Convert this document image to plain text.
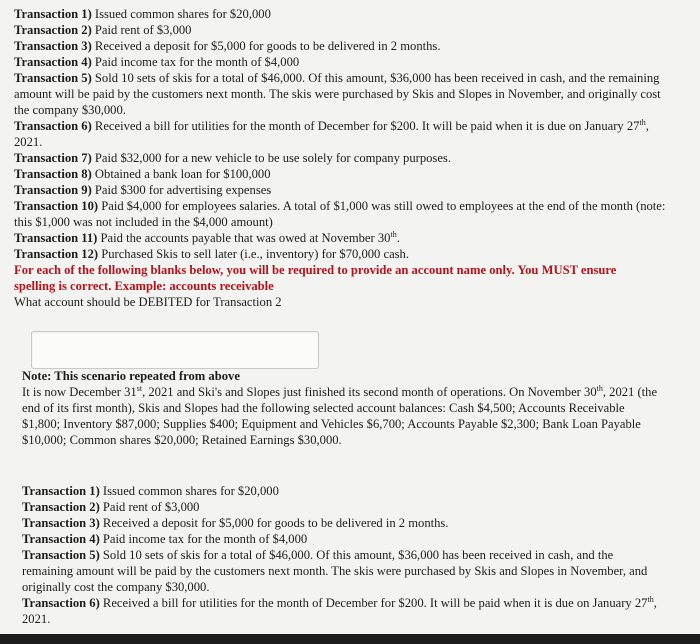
Transaction 1) Issued common shares for $20,000
Transaction 2) Paid rent of $3,000
Transaction 3) Received a deposit for $5,000 for goods to be delivered in 2 months.
Transaction 4) Paid income tax for the month of $4,000
Transaction 5) Sold 10 sets of skis for a total of $46,000. Of this amount, $36,000 has been received in cash, and the remaining amount will be paid by the customers next month. The skis were purchased by Skis and Slopes in November, and originally cost the company $30,000.
Transaction 6) Received a bill for utilities for the month of December for $200. It will be paid when it is due on January 27th, 2021.
Transaction 7) Paid $32,000 for a new vehicle to be use solely for company purposes.
Transaction 8) Obtained a bank loan for $100,000
Transaction 9) Paid $300 for advertising expenses
Transaction 10) Paid $4,000 for employees salaries. A total of $1,000 was still owed to employees at the end of the month (note: this $1,000 was not included in the $4,000 amount)
Transaction 11) Paid the accounts payable that was owed at November 30th.
Transaction 12) Purchased Skis to sell later (i.e., inventory) for $70,000 cash.
For each of the following blanks below, you will be required to provide an account name only. You MUST ensure spelling is correct. Example: accounts receivable
What account should be DEBITED for Transaction 2
Note: This scenario repeated from above
It is now December 31st, 2021 and Ski's and Slopes just finished its second month of operations. On November 30th, 2021 (the end of its first month), Skis and Slopes had the following selected account balances: Cash $4,500; Accounts Receivable $1,800; Inventory $87,000; Supplies $400; Equipment and Vehicles $6,700; Accounts Payable $2,300; Bank Loan Payable $10,000; Common shares $20,000; Retained Earnings $30,000.
Transaction 1) Issued common shares for $20,000
Transaction 2) Paid rent of $3,000
Transaction 3) Received a deposit for $5,000 for goods to be delivered in 2 months.
Transaction 4) Paid income tax for the month of $4,000
Transaction 5) Sold 10 sets of skis for a total of $46,000. Of this amount, $36,000 has been received in cash, and the remaining amount will be paid by the customers next month. The skis were purchased by Skis and Slopes in November, and originally cost the company $30,000.
Transaction 6) Received a bill for utilities for the month of December for $200. It will be paid when it is due on January 27th, 2021.
